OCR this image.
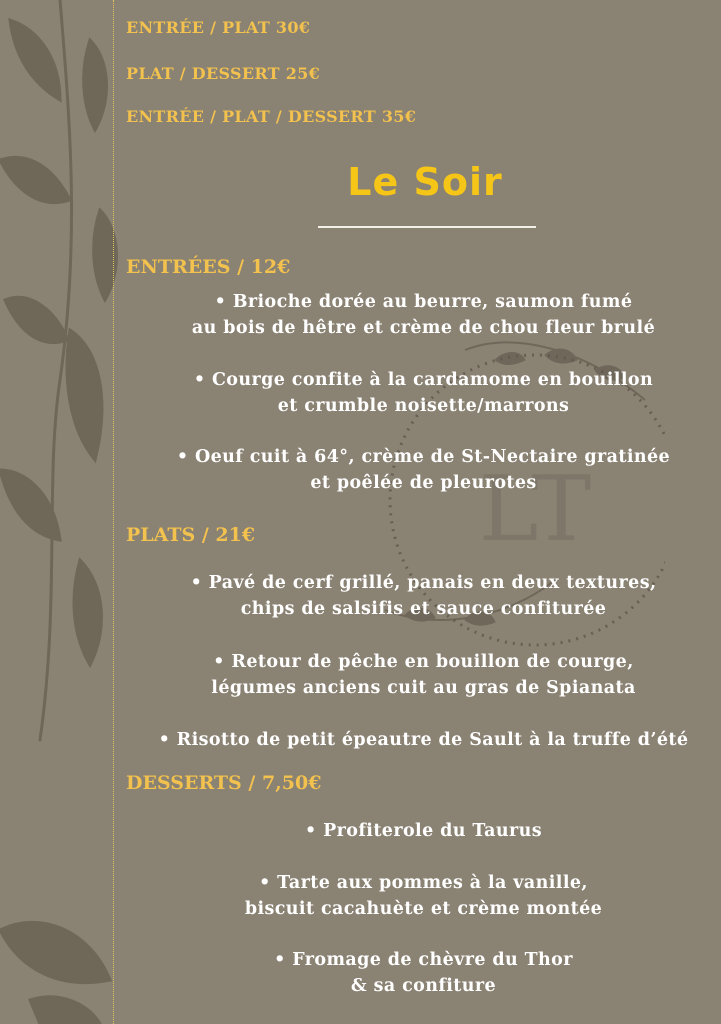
LT

ENTRÉE / PLAT 30€

PLAT / DESSERT 25€

ENTRÉE / PLAT / DESSERT 35€

Le Soir
ENTRÉES / 12€
• Brioche dorée au beurre, saumon fumé
au bois de hêtre et crème de chou fleur brulé
• Courge confite à la cardamome en bouillon
et crumble noisette/marrons
• Oeuf cuit à 64°, crème de St-Nectaire gratinée
et poêlée de pleurotes
PLATS / 21€
• Pavé de cerf grillé, panais en deux textures,
chips de salsifis et sauce confiturée
• Retour de pêche en bouillon de courge,
légumes anciens cuit au gras de Spianata
• Risotto de petit épeautre de Sault à la truffe d’été
DESSERTS / 7,50€
• Profiterole du Taurus
• Tarte aux pommes à la vanille,
biscuit cacahuète et crème montée
• Fromage de chèvre du Thor
& sa confiture
